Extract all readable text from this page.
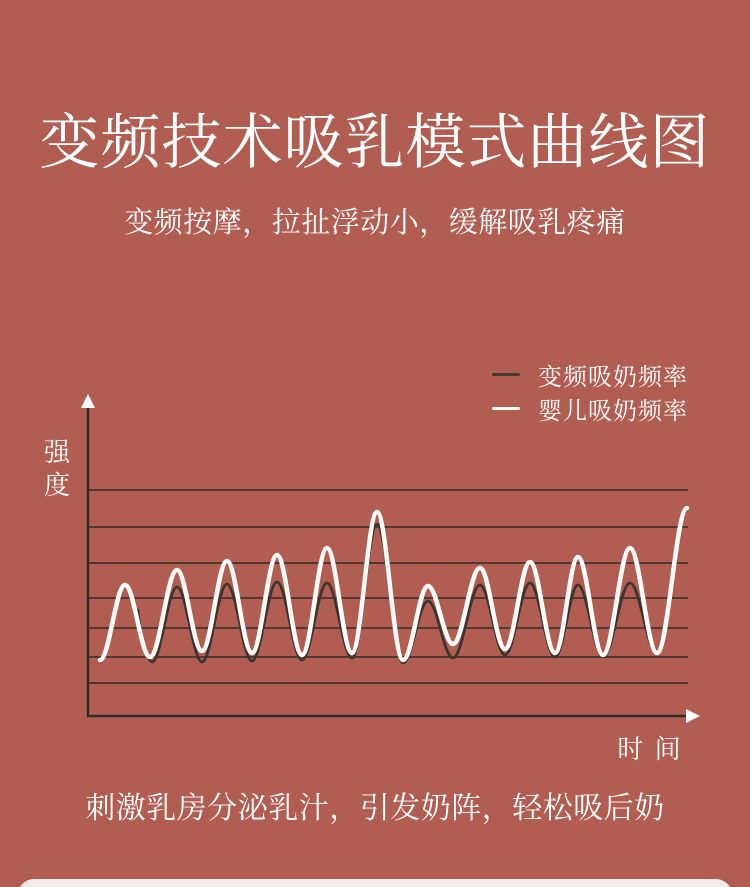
变频技术吸乳模式曲线图

变频按摩，拉扯浮动小，缓解吸乳疼痛

变频吸奶频率
婴儿吸奶频率
强度
时 间

刺激乳房分泌乳汁，引发奶阵，轻松吸后奶
